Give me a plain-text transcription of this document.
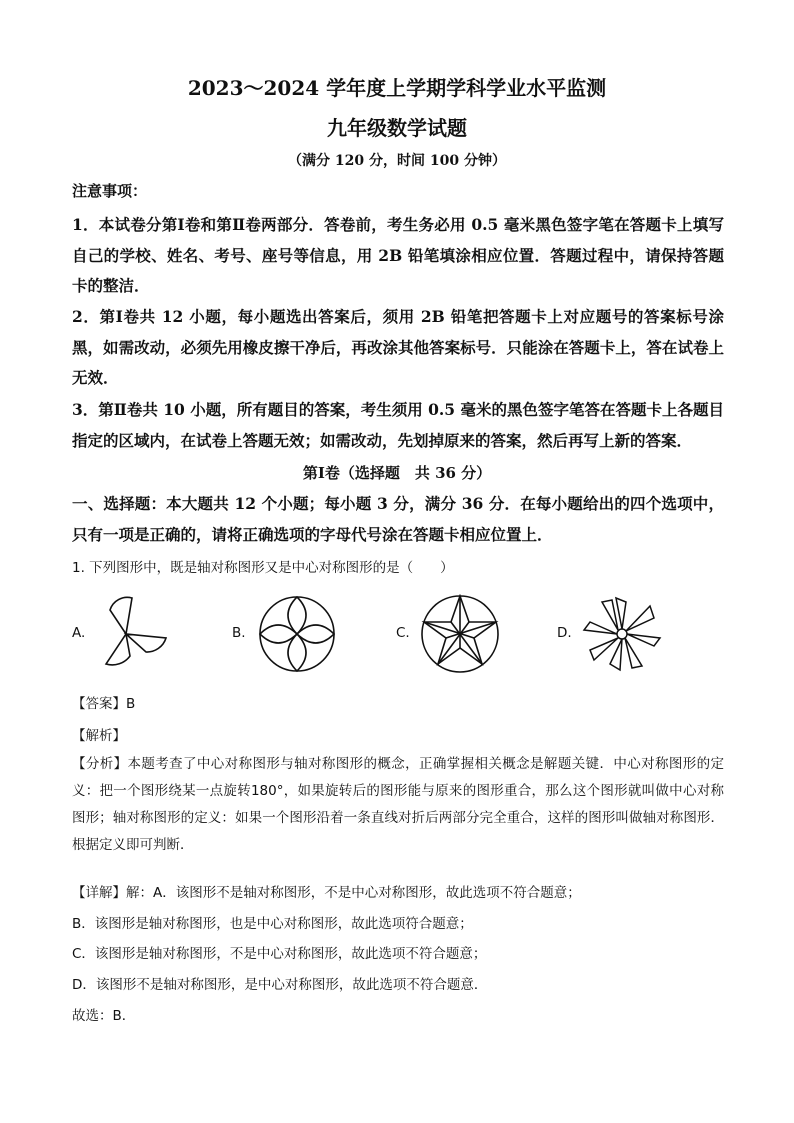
2023～2024 学年度上学期学科学业水平监测
九年级数学试题
（满分 120 分，时间 100 分钟）
注意事项：
1．本试卷分第Ⅰ卷和第Ⅱ卷两部分．答卷前，考生务必用 0.5 毫米黑色签字笔在答题卡上填写自己的学校、姓名、考号、座号等信息，用 2B 铅笔填涂相应位置．答题过程中，请保持答题卡的整洁．
2．第Ⅰ卷共 12 小题，每小题选出答案后，须用 2B 铅笔把答题卡上对应题号的答案标号涂黑，如需改动，必须先用橡皮擦干净后，再改涂其他答案标号．只能涂在答题卡上，答在试卷上无效．
3．第Ⅱ卷共 10 小题，所有题目的答案，考生须用 0.5 毫米的黑色签字笔答在答题卡上各题目指定的区域内，在试卷上答题无效；如需改动，先划掉原来的答案，然后再写上新的答案．
第Ⅰ卷（选择题　共 36 分）
一、选择题：本大题共 12 个小题；每小题 3 分，满分 36 分．在每小题给出的四个选项中，只有一项是正确的，请将正确选项的字母代号涂在答题卡相应位置上．
1. 下列图形中，既是轴对称图形又是中心对称图形的是（　　）
A.	B.	C.	D.
【答案】B
【解析】
【分析】本题考查了中心对称图形与轴对称图形的概念，正确掌握相关概念是解题关键．中心对称图形的定义：把一个图形绕某一点旋转180°，如果旋转后的图形能与原来的图形重合，那么这个图形就叫做中心对称图形；轴对称图形的定义：如果一个图形沿着一条直线对折后两部分完全重合，这样的图形叫做轴对称图形．根据定义即可判断．
【详解】解：A．该图形不是轴对称图形，不是中心对称图形，故此选项不符合题意；
B．该图形是轴对称图形，也是中心对称图形，故此选项符合题意；
C．该图形是轴对称图形，不是中心对称图形，故此选项不符合题意；
D．该图形不是轴对称图形，是中心对称图形，故此选项不符合题意．
故选：B．
